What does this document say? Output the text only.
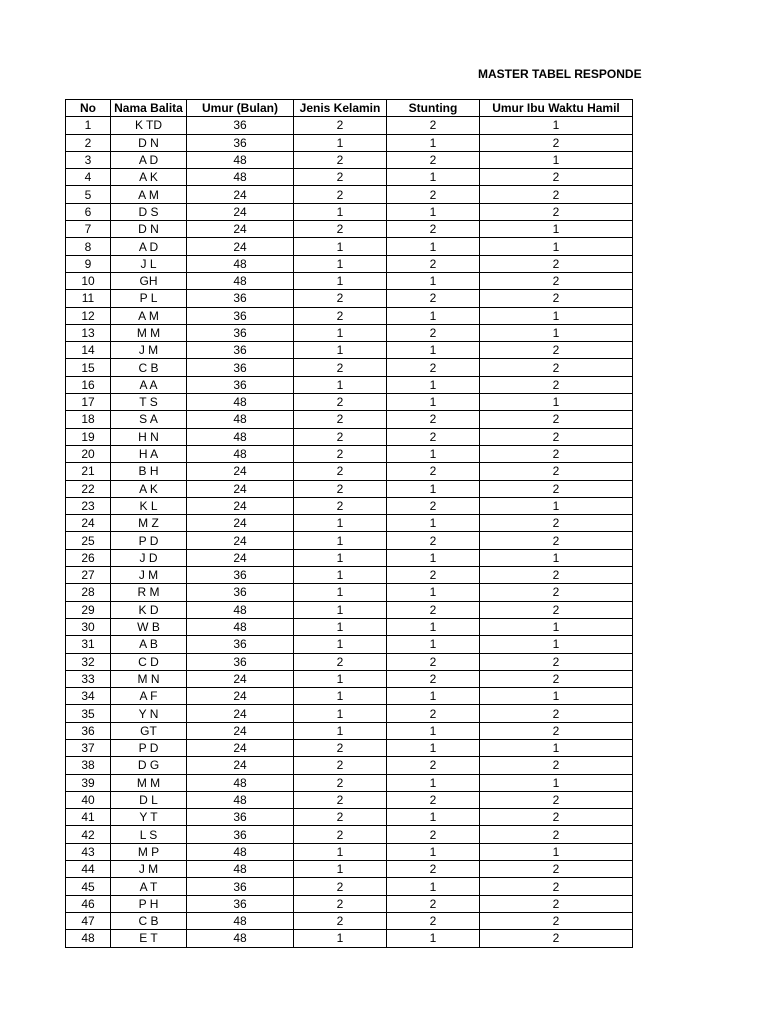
MASTER TABEL RESPONDE
No	Nama Balita	Umur (Bulan)	Jenis Kelamin	Stunting	Umur Ibu Waktu Hamil
1	K TD	36	2	2	1
2	D N	36	1	1	2
3	A D	48	2	2	1
4	A K	48	2	1	2
5	A M	24	2	2	2
6	D S	24	1	1	2
7	D N	24	2	2	1
8	A D	24	1	1	1
9	J L	48	1	2	2
10	GH	48	1	1	2
11	P L	36	2	2	2
12	A M	36	2	1	1
13	M M	36	1	2	1
14	J M	36	1	1	2
15	C B	36	2	2	2
16	A A	36	1	1	2
17	T S	48	2	1	1
18	S A	48	2	2	2
19	H N	48	2	2	2
20	H A	48	2	1	2
21	B H	24	2	2	2
22	A K	24	2	1	2
23	K L	24	2	2	1
24	M Z	24	1	1	2
25	P D	24	1	2	2
26	J D	24	1	1	1
27	J M	36	1	2	2
28	R M	36	1	1	2
29	K D	48	1	2	2
30	W B	48	1	1	1
31	A B	36	1	1	1
32	C D	36	2	2	2
33	M N	24	1	2	2
34	A F	24	1	1	1
35	Y N	24	1	2	2
36	GT	24	1	1	2
37	P D	24	2	1	1
38	D G	24	2	2	2
39	M M	48	2	1	1
40	D L	48	2	2	2
41	Y T	36	2	1	2
42	L S	36	2	2	2
43	M P	48	1	1	1
44	J M	48	1	2	2
45	A T	36	2	1	2
46	P H	36	2	2	2
47	C B	48	2	2	2
48	E T	48	1	1	2
